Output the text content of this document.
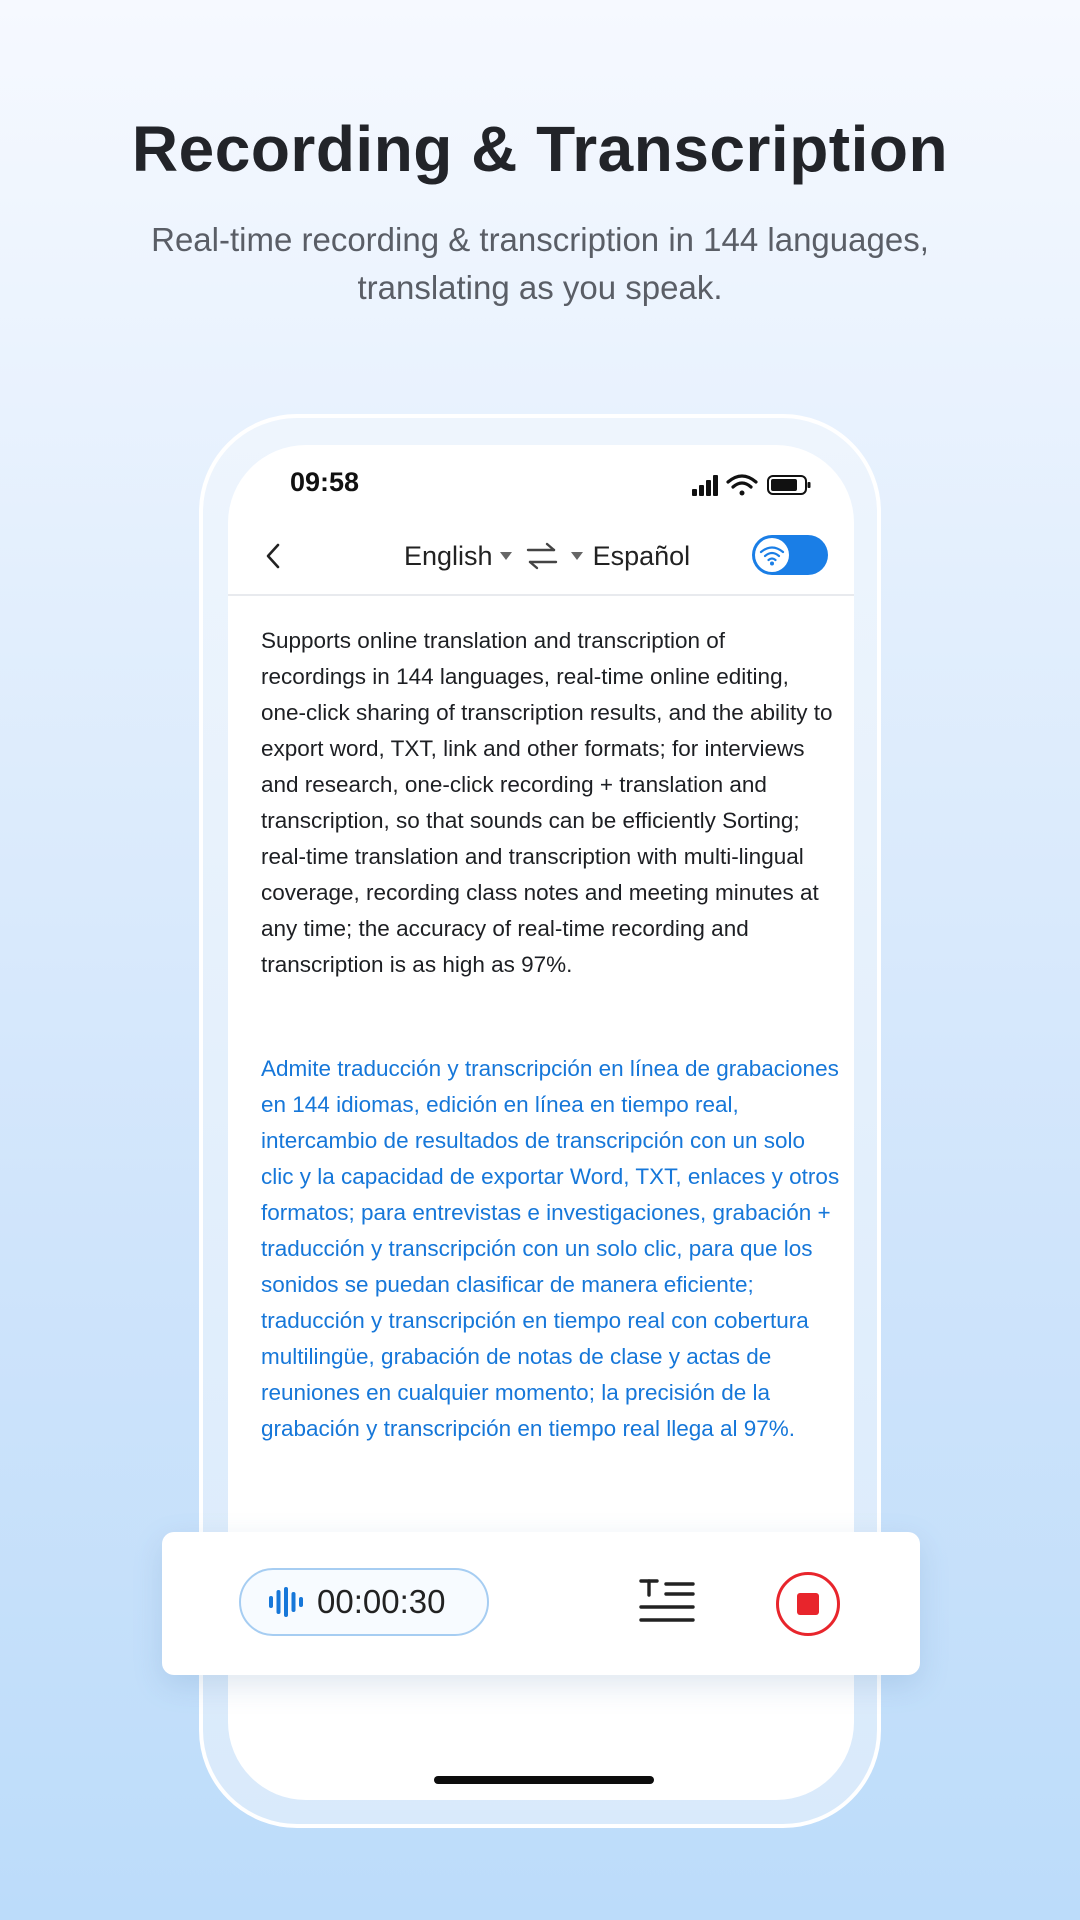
Recording & Transcription
Real-time recording & transcription in 144 languages, translating as you speak.
09:58
English	Español
Supports online translation and transcription of recordings in 144 languages, real-time online editing, one-click sharing of transcription results, and the ability to export word, TXT, link and other formats; for interviews and research, one-click recording + translation and transcription, so that sounds can be efficiently Sorting; real-time translation and transcription with multi-lingual coverage, recording class notes and meeting minutes at any time; the accuracy of real-time recording and transcription is as high as 97%.
Admite traducción y transcripción en línea de grabaciones en 144 idiomas, edición en línea en tiempo real, intercambio de resultados de transcripción con un solo clic y la capacidad de exportar Word, TXT, enlaces y otros formatos; para entrevistas e investigaciones, grabación + traducción y transcripción con un solo clic, para que los sonidos se puedan clasificar de manera eficiente; traducción y transcripción en tiempo real con cobertura multilingüe, grabación de notas de clase y actas de reuniones en cualquier momento; la precisión de la grabación y transcripción en tiempo real llega al 97%.
00:00:30
